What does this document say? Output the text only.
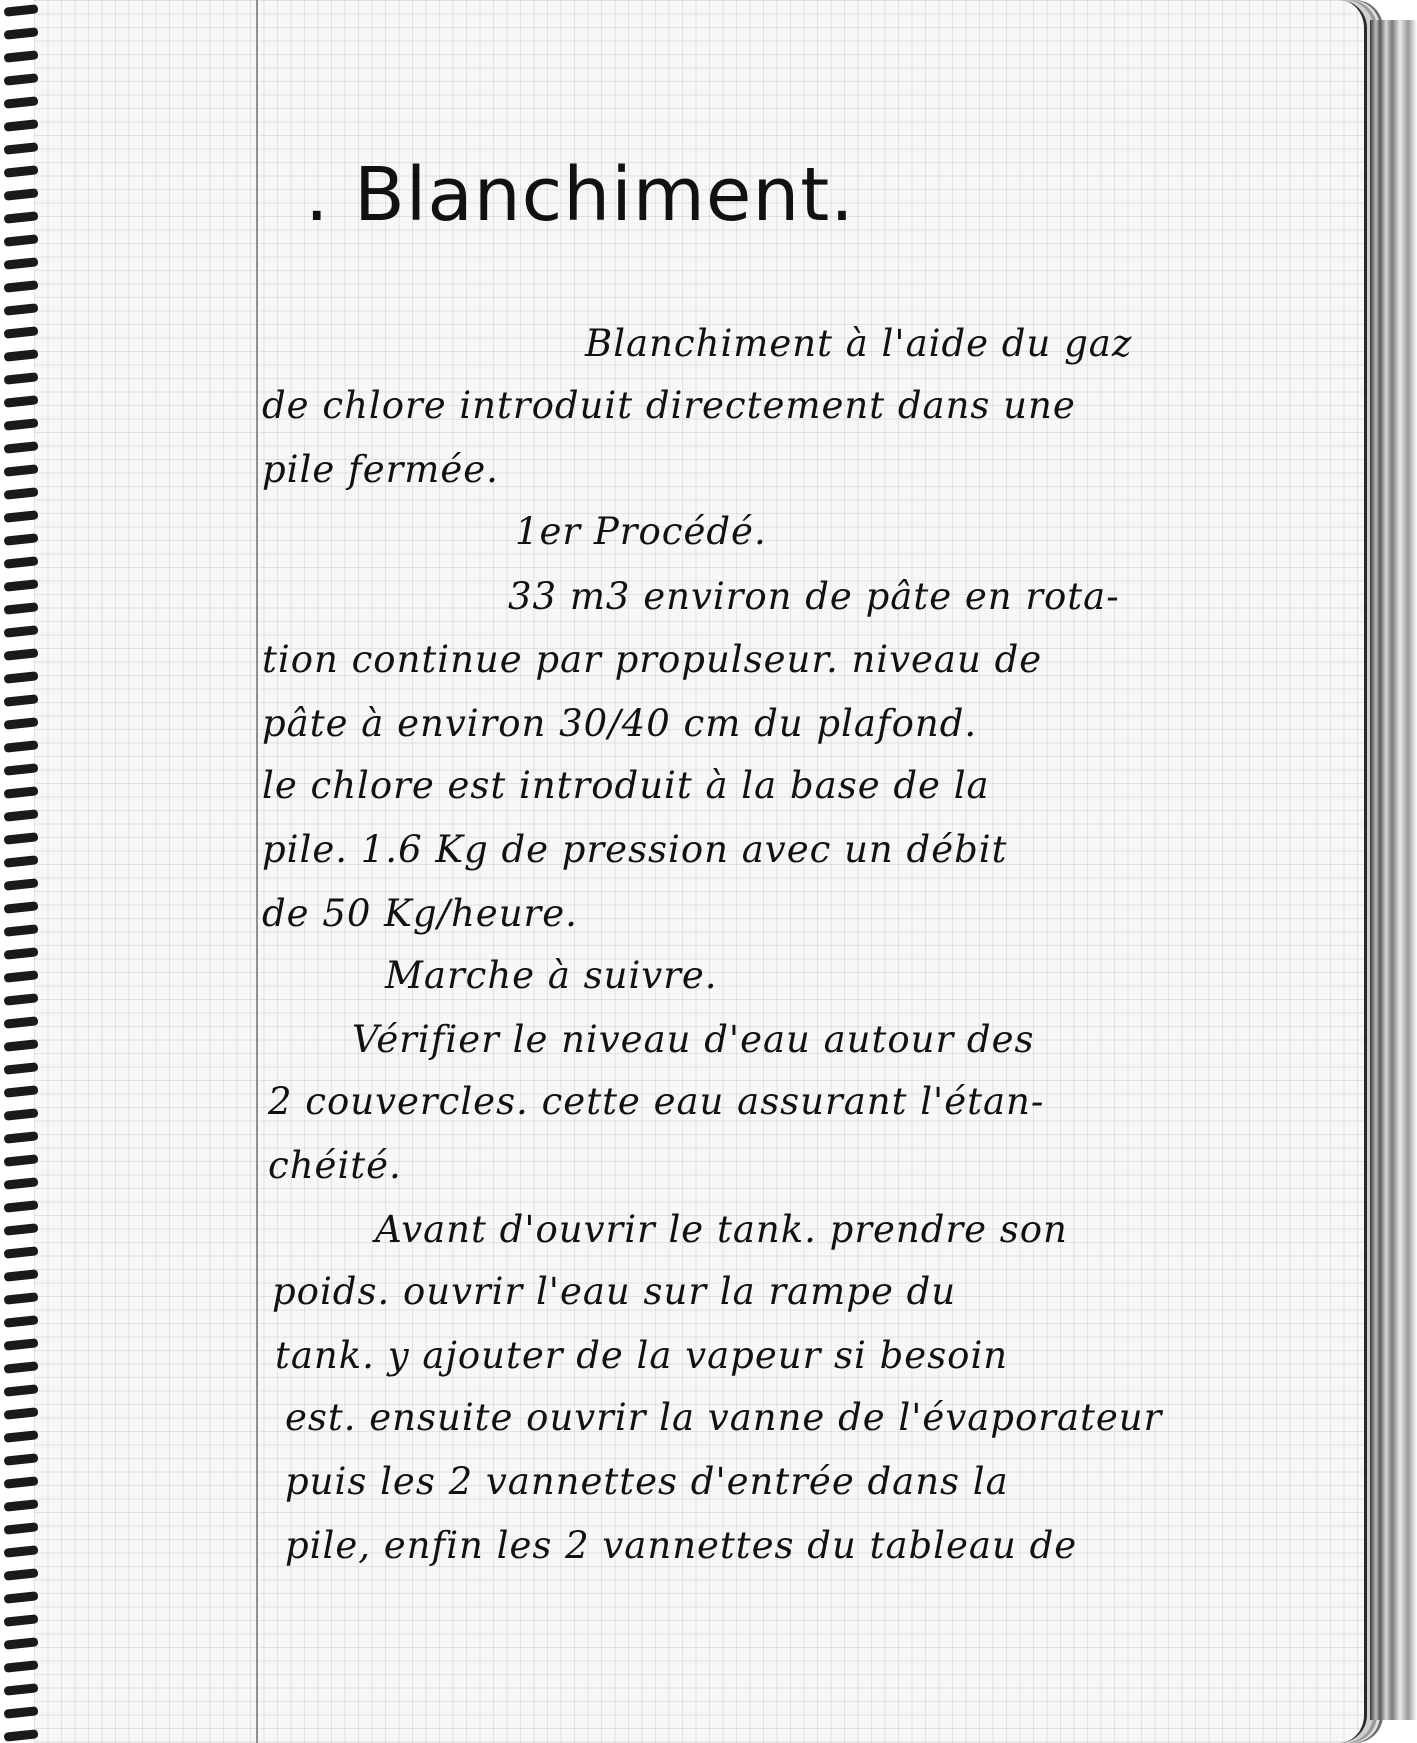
. Blanchiment.
Blanchiment à l'aide du gaz
de chlore introduit directement dans une
pile fermée.
1er Procédé.
33 m3 environ de pâte en rota-
tion continue par propulseur. niveau de
pâte à environ 30/40 cm du plafond.
le chlore est introduit à la base de la
pile. 1.6 Kg de pression avec un débit
de 50 Kg/heure.
Marche à suivre.
Vérifier le niveau d'eau autour des
2 couvercles. cette eau assurant l'étan-
chéité.
Avant d'ouvrir le tank. prendre son
poids. ouvrir l'eau sur la rampe du
tank. y ajouter de la vapeur si besoin
est. ensuite ouvrir la vanne de l'évaporateur
puis les 2 vannettes d'entrée dans la
pile, enfin les 2 vannettes du tableau de
